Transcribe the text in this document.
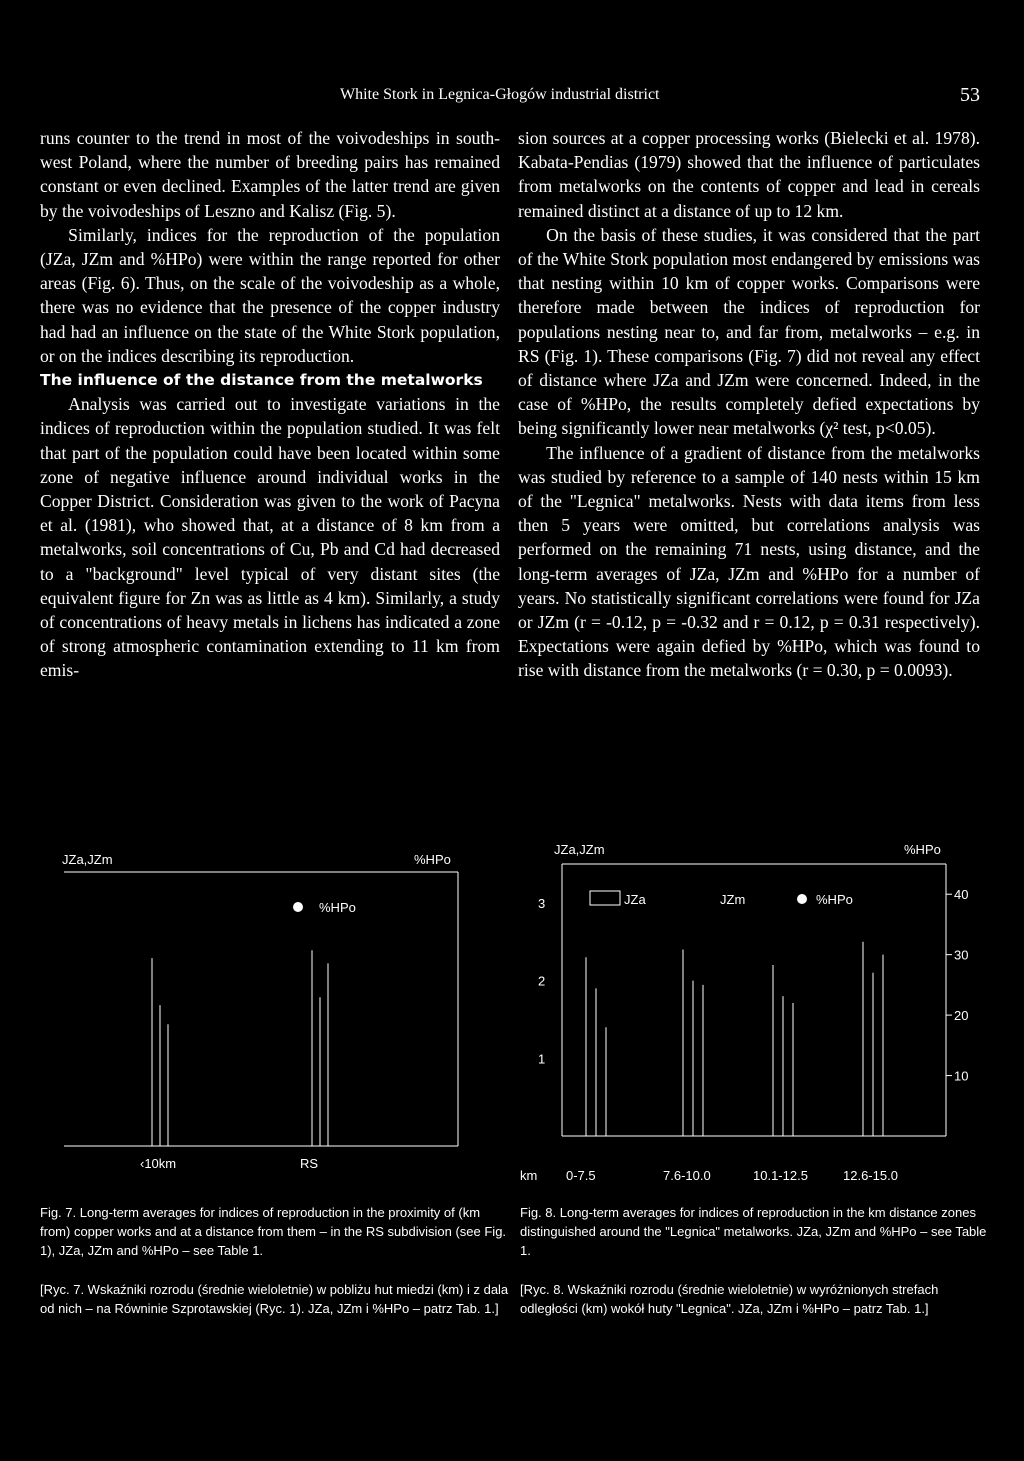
White Stork in Legnica-Głogów industrial district	53

runs counter to the trend in most of the voivodeships in south-west Poland, where the number of breeding pairs has remained constant or even declined. Examples of the latter trend are given by the voivodeships of Leszno and Kalisz (Fig. 5).

Similarly, indices for the reproduction of the population (JZa, JZm and %HPo) were within the range reported for other areas (Fig. 6). Thus, on the scale of the voivodeship as a whole, there was no evidence that the presence of the copper industry had had an influence on the state of the White Stork population, or on the indices describing its reproduction.

The influence of the distance from the metalworks

Analysis was carried out to investigate variations in the indices of reproduction within the population studied. It was felt that part of the population could have been located within some zone of negative influence around individual works in the Copper District. Consideration was given to the work of Pacyna et al. (1981), who showed that, at a distance of 8 km from a metalworks, soil concentrations of Cu, Pb and Cd had decreased to a "background" level typical of very distant sites (the equivalent figure for Zn was as little as 4 km). Similarly, a study of concentrations of heavy metals in lichens has indicated a zone of strong atmospheric contamination extending to 11 km from emis-

sion sources at a copper processing works (Bielecki et al. 1978). Kabata-Pendias (1979) showed that the influence of particulates from metalworks on the contents of copper and lead in cereals remained distinct at a distance of up to 12 km.

On the basis of these studies, it was considered that the part of the White Stork population most endangered by emissions was that nesting within 10 km of copper works. Comparisons were therefore made between the indices of reproduction for populations nesting near to, and far from, metalworks – e.g. in RS (Fig. 1). These comparisons (Fig. 7) did not reveal any effect of distance where JZa and JZm were concerned. Indeed, in the case of %HPo, the results completely defied expectations by being significantly lower near metalworks (χ² test, p<0.05).

The influence of a gradient of distance from the metalworks was studied by reference to a sample of 140 nests within 15 km of the "Legnica" metalworks. Nests with data items from less then 5 years were omitted, but correlations analysis was performed on the remaining 71 nests, using distance, and the long-term averages of JZa, JZm and %HPo for a number of years. No statistically significant correlations were found for JZa or JZm (r = -0.12, p = -0.32 and r = 0.12, p = 0.31 respectively). Expectations were again defied by %HPo, which was found to rise with distance from the metalworks (r = 0.30, p = 0.0093).

JZa,JZm	%HPo
%HPo
‹10km	RS
JZa,JZm	%HPo
1
2
3
10
20
30
40
JZa	JZm	%HPo
km 0-7.5	7.6-10.0	10.1-12.5	12.6-15.0
Fig. 7. Long-term averages for indices of reproduction in the proximity of (km from) copper works and at a distance from them – in the RS subdivision (see Fig. 1), JZa, JZm and %HPo – see Table 1.
[Ryc. 7. Wskaźniki rozrodu (średnie wieloletnie) w pobliżu hut miedzi (km) i z dala od nich – na Równinie Szprotawskiej (Ryc. 1). JZa, JZm i %HPo – patrz Tab. 1.]
Fig. 8. Long-term averages for indices of reproduction in the km distance zones distinguished around the "Legnica" metalworks. JZa, JZm and %HPo – see Table 1.
[Ryc. 8. Wskaźniki rozrodu (średnie wieloletnie) w wyróżnionych strefach odległości (km) wokół huty "Legnica". JZa, JZm i %HPo – patrz Tab. 1.]
